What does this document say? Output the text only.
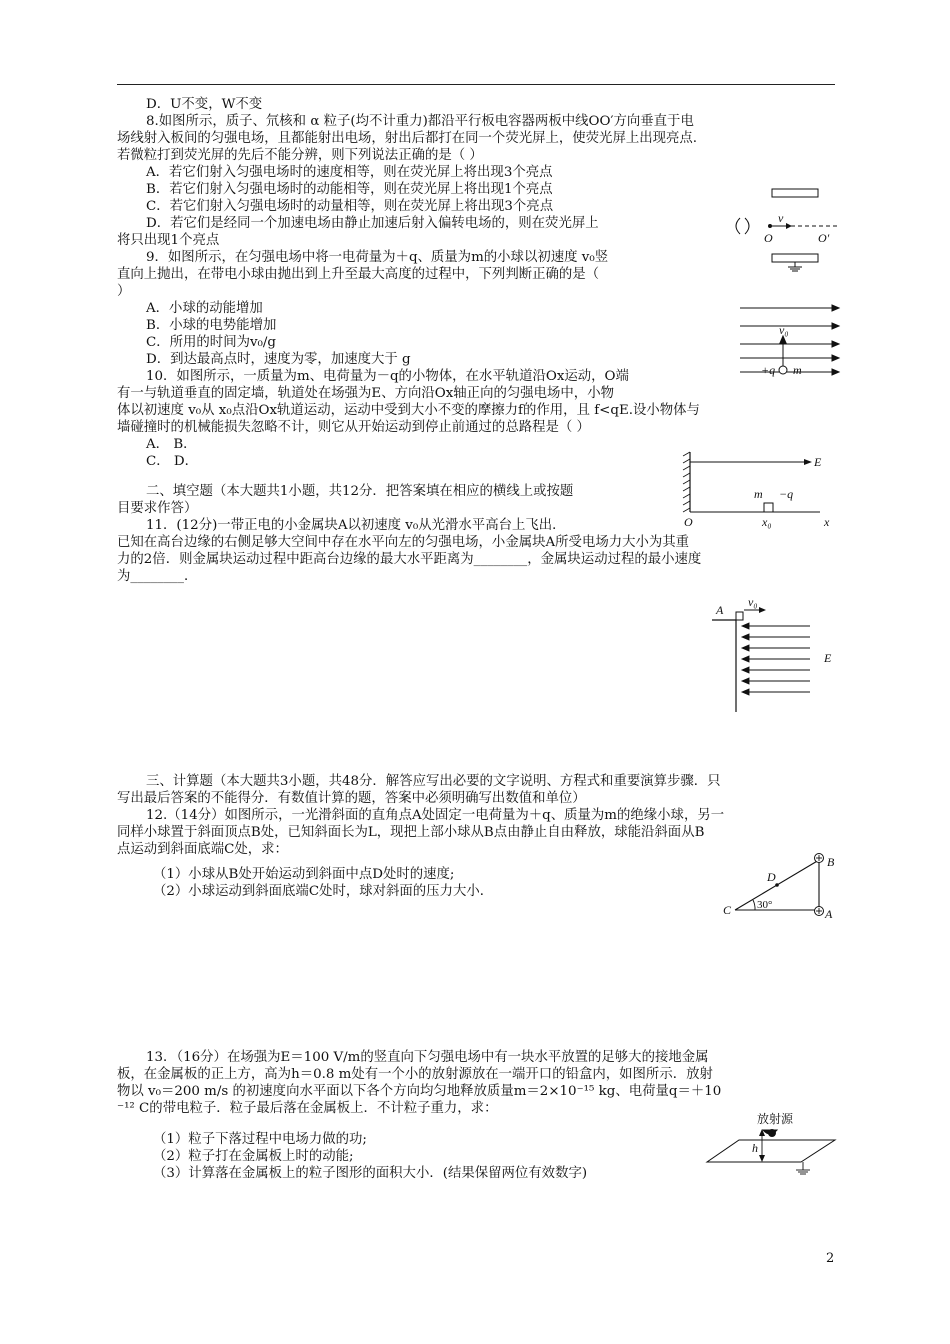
D．U不变，W不变
8.如图所示，质子、氘核和 α 粒子(均不计重力)都沿平行板电容器两板中线OO′方向垂直于电
场线射入板间的匀强电场，且都能射出电场，射出后都打在同一个荧光屏上，使荧光屏上出现亮点.
若微粒打到荧光屏的先后不能分辨，则下列说法正确的是（ ）
A．若它们射入匀强电场时的速度相等，则在荧光屏上将出现3个亮点
B．若它们射入匀强电场时的动能相等，则在荧光屏上将出现1个亮点
C．若它们射入匀强电场时的动量相等，则在荧光屏上将出现3个亮点
D．若它们是经同一个加速电场由静止加速后射入偏转电场的，则在荧光屏上
将只出现1个亮点
9．如图所示，在匀强电场中将一电荷量为＋q、质量为m的小球以初速度 v₀竖
直向上抛出，在带电小球由抛出到上升至最大高度的过程中，下列判断正确的是（
）
A．小球的动能增加
B．小球的电势能增加
C．所用的时间为v₀/g
D．到达最高点时，速度为零，加速度大于 g
10．如图所示，一质量为m、电荷量为－q的小物体，在水平轨道沿Ox运动，O端
有一与轨道垂直的固定墙，轨道处在场强为E、方向沿Ox轴正向的匀强电场中，小物
体以初速度 v₀从 x₀点沿Ox轨道运动，运动中受到大小不变的摩擦力f的作用，且 f<qE.设小物体与
墙碰撞时的机械能损失忽略不计，则它从开始运动到停止前通过的总路程是（ ）
A． B．
C． D．
二、填空题（本大题共1小题，共12分．把答案填在相应的横线上或按题
目要求作答）
11．(12分)一带正电的小金属块A以初速度 v₀从光滑水平高台上飞出．
已知在高台边缘的右侧足够大空间中存在水平向左的匀强电场，小金属块A所受电场力大小为其重
力的2倍．则金属块运动过程中距高台边缘的最大水平距离为________，金属块运动过程的最小速度
为________．
三、计算题（本大题共3小题，共48分．解答应写出必要的文字说明、方程式和重要演算步骤．只
写出最后答案的不能得分．有数值计算的题，答案中必须明确写出数值和单位）
12.（14分）如图所示，一光滑斜面的直角点A处固定一电荷量为＋q、质量为m的绝缘小球，另一
同样小球置于斜面顶点B处，已知斜面长为L，现把上部小球从B点由静止自由释放，球能沿斜面从B
点运动到斜面底端C处，求：
（1）小球从B处开始运动到斜面中点D处时的速度;
（2）小球运动到斜面底端C处时，球对斜面的压力大小．
13．（16分）在场强为E＝100 V/m的竖直向下匀强电场中有一块水平放置的足够大的接地金属
板，在金属板的正上方，高为h＝0.8 m处有一个小的放射源放在一端开口的铅盒内，如图所示．放射
物以 v₀＝200 m/s 的初速度向水平面以下各个方向均匀地释放质量m＝2×10⁻¹⁵ kg、电荷量q＝＋10
⁻¹² C的带电粒子．粒子最后落在金属板上．不计粒子重力，求：
（1）粒子下落过程中电场力做的功;
（2）粒子打在金属板上时的动能;
（3）计算落在金属板上的粒子图形的面积大小．(结果保留两位有效数字)
v
O	O′
v₀
+q m
E
m −q
O	x₀	x
v₀
A
E
B
D
C 30°
A
放射源
h
2
